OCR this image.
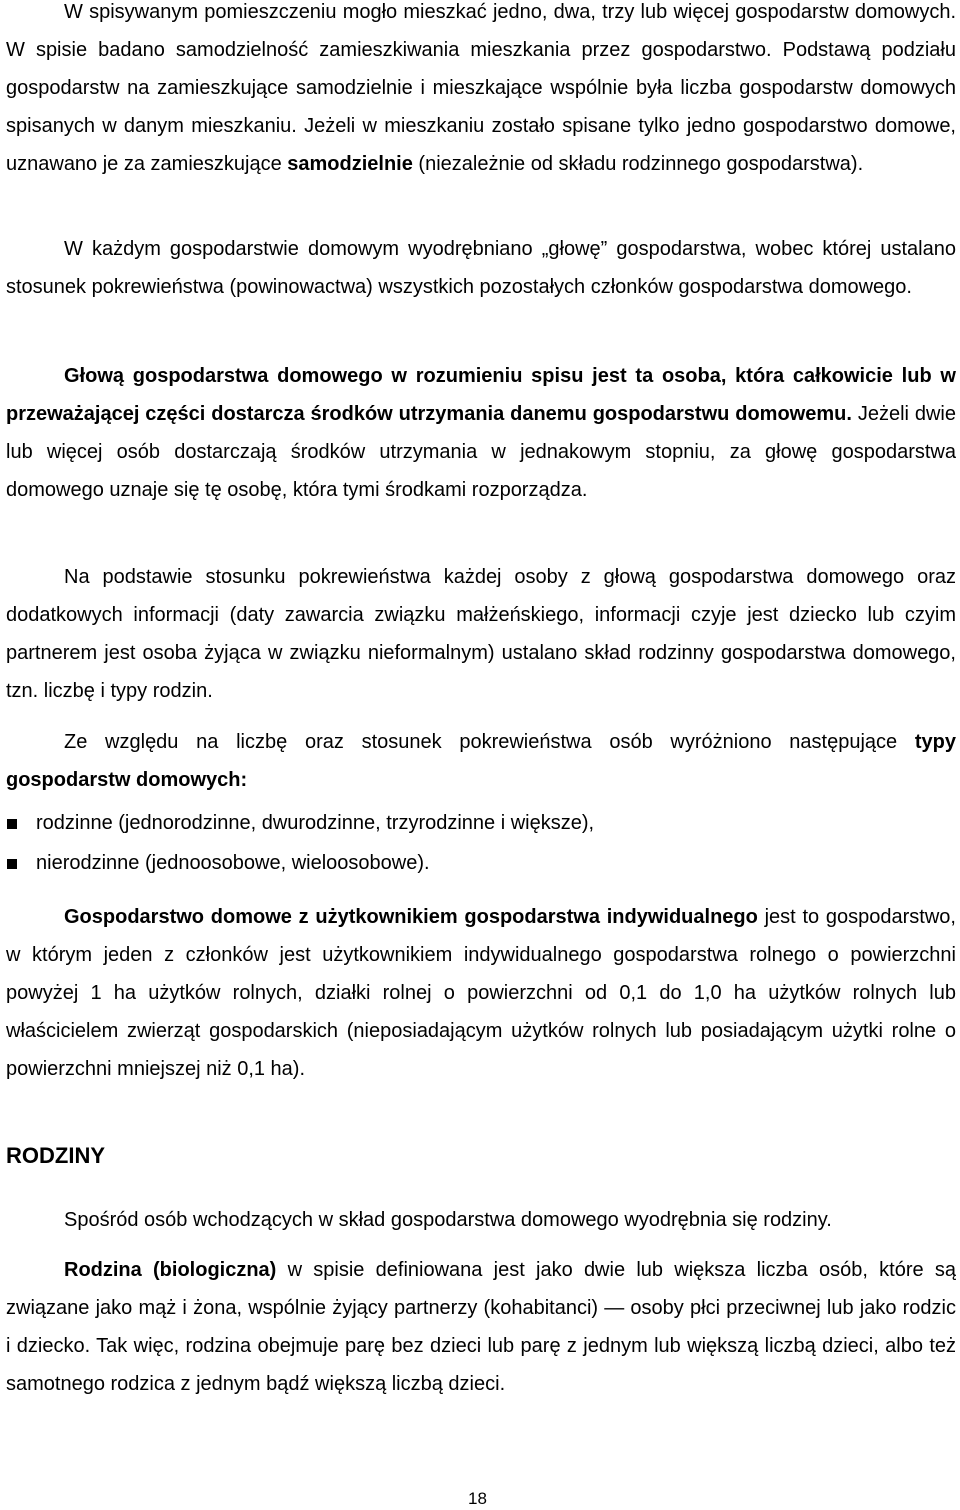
W spisywanym pomieszczeniu mogło mieszkać jedno, dwa, trzy lub więcej gospodarstw domowych. W spisie badano samodzielność zamieszkiwania mieszkania przez gospodarstwo. Podstawą podziału gospodarstw na zamieszkujące samodzielnie i mieszkające wspólnie była liczba gospodarstw domowych spisanych w danym mieszkaniu. Jeżeli w mieszkaniu zostało spisane tylko jedno gospodarstwo domowe, uznawano je za zamieszkujące samodzielnie (niezależnie od składu rodzinnego gospodarstwa).

W każdym gospodarstwie domowym wyodrębniano „głowę” gospodarstwa, wobec której ustalano stosunek pokrewieństwa (powinowactwa) wszystkich pozostałych członków gospodarstwa domowego.

Głową gospodarstwa domowego w rozumieniu spisu jest ta osoba, która całkowicie lub w przeważającej części dostarcza środków utrzymania danemu gospodarstwu domowemu. Jeżeli dwie lub więcej osób dostarczają środków utrzymania w jednakowym stopniu, za głowę gospodarstwa domowego uznaje się tę osobę, która tymi środkami rozporządza.

Na podstawie stosunku pokrewieństwa każdej osoby z głową gospodarstwa domowego oraz dodatkowych informacji (daty zawarcia związku małżeńskiego, informacji czyje jest dziecko lub czyim partnerem jest osoba żyjąca w związku nieformalnym) ustalano skład rodzinny gospodarstwa domowego, tzn. liczbę i typy rodzin.

Ze względu na liczbę oraz stosunek pokrewieństwa osób wyróżniono następujące typy gospodarstw domowych:

rodzinne (jednorodzinne, dwurodzinne, trzyrodzinne i większe),
nierodzinne (jednoosobowe, wieloosobowe).

Gospodarstwo domowe z użytkownikiem gospodarstwa indywidualnego jest to gospodarstwo, w którym jeden z członków jest użytkownikiem indywidualnego gospodarstwa rolnego o powierzchni powyżej 1 ha użytków rolnych, działki rolnej o powierzchni od 0,1 do 1,0 ha użytków rolnych lub właścicielem zwierząt gospodarskich (nieposiadającym użytków rolnych lub posiadającym użytki rolne o powierzchni mniejszej niż 0,1 ha).

RODZINY

Spośród osób wchodzących w skład gospodarstwa domowego wyodrębnia się rodziny.

Rodzina (biologiczna) w spisie definiowana jest jako dwie lub większa liczba osób, które są związane jako mąż i żona, wspólnie żyjący partnerzy (kohabitanci) — osoby płci przeciwnej lub jako rodzic i dziecko. Tak więc, rodzina obejmuje parę bez dzieci lub parę z jednym lub większą liczbą dzieci, albo też samotnego rodzica z jednym bądź większą liczbą dzieci.

18
